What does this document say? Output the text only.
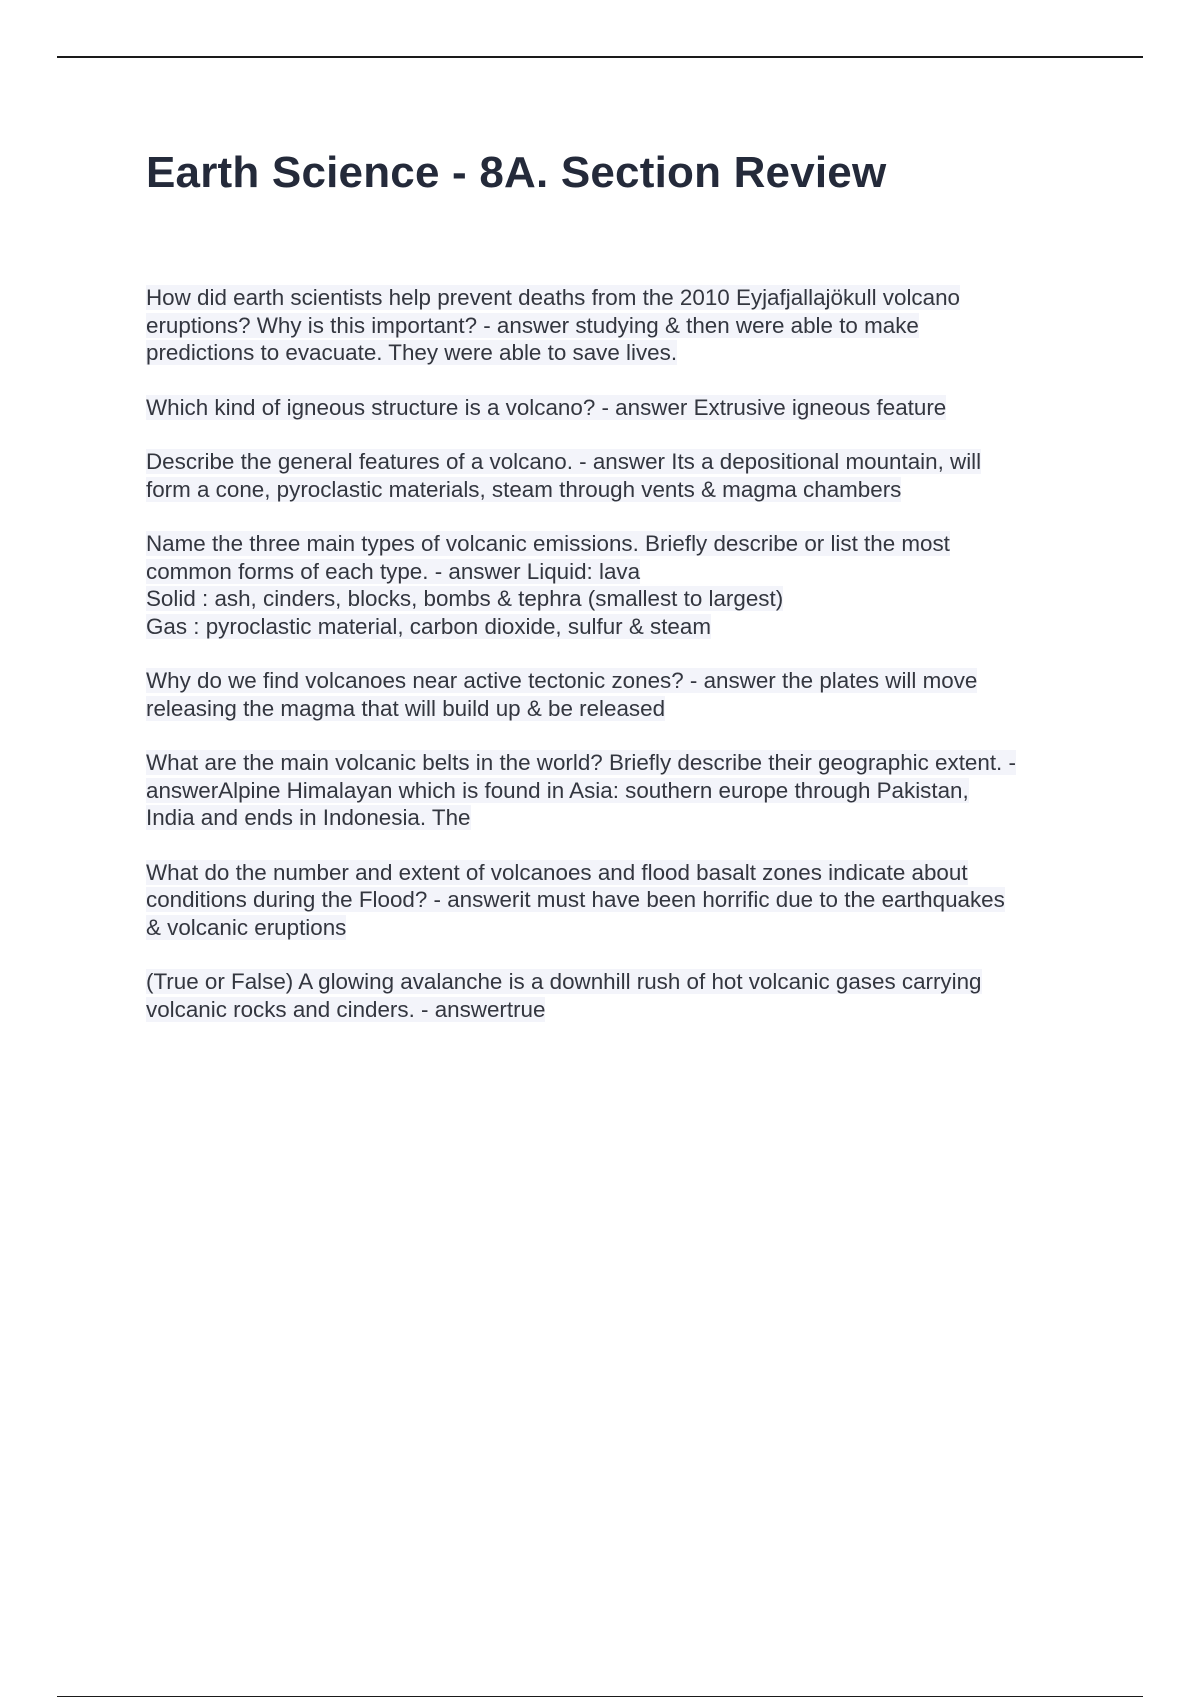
Earth Science - 8A. Section Review

How did earth scientists help prevent deaths from the 2010 Eyjafjallajökull volcano
eruptions? Why is this important? - answer studying & then were able to make
predictions to evacuate. They were able to save lives.

Which kind of igneous structure is a volcano? - answer Extrusive igneous feature

Describe the general features of a volcano. - answer Its a depositional mountain, will
form a cone, pyroclastic materials, steam through vents & magma chambers

Name the three main types of volcanic emissions. Briefly describe or list the most
common forms of each type. - answer Liquid: lava
Solid : ash, cinders, blocks, bombs & tephra (smallest to largest)
Gas : pyroclastic material, carbon dioxide, sulfur & steam

Why do we find volcanoes near active tectonic zones? - answer the plates will move
releasing the magma that will build up & be released

What are the main volcanic belts in the world? Briefly describe their geographic extent. -
answerAlpine Himalayan which is found in Asia: southern europe through Pakistan,
India and ends in Indonesia. The

What do the number and extent of volcanoes and flood basalt zones indicate about
conditions during the Flood? - answerit must have been horrific due to the earthquakes
& volcanic eruptions

(True or False) A glowing avalanche is a downhill rush of hot volcanic gases carrying
volcanic rocks and cinders. - answertrue
